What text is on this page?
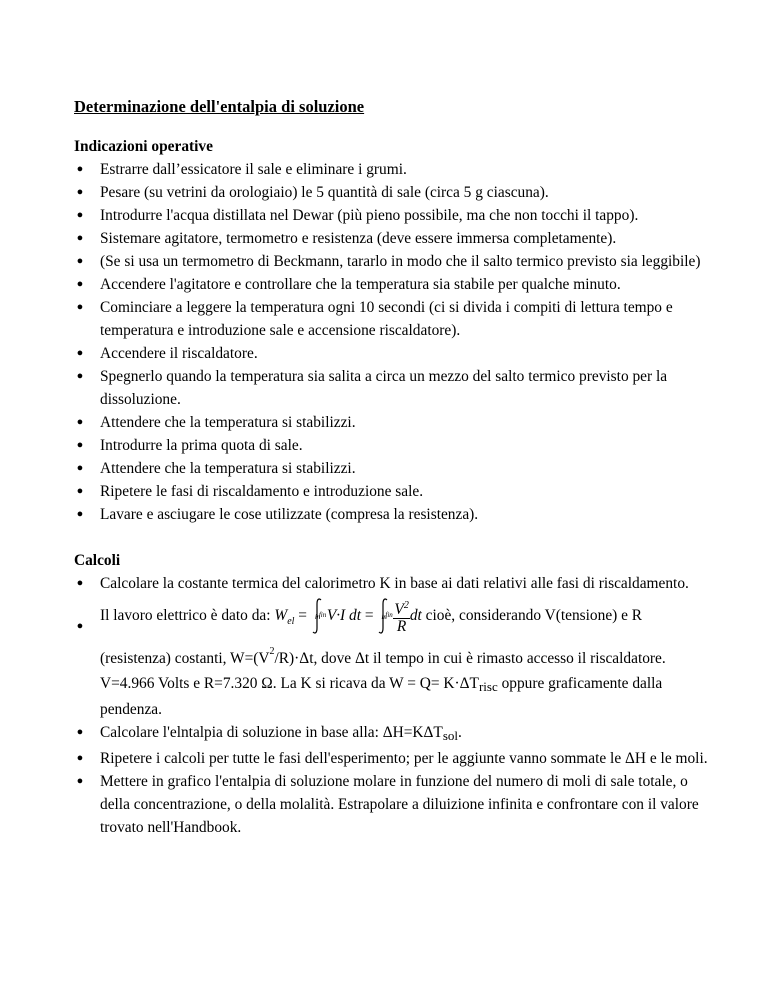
Determinazione dell'entalpia di soluzione

Indicazioni operative

● Estrarre dall’essicatore il sale e eliminare i grumi.
● Pesare (su vetrini da orologiaio) le 5 quantità di sale (circa 5 g ciascuna).
● Introdurre l'acqua distillata nel Dewar (più pieno possibile, ma che non tocchi il tappo).
● Sistemare agitatore, termometro e resistenza (deve essere immersa completamente).
● (Se si usa un termometro di Beckmann, tararlo in modo che il salto termico previsto sia leggibile)
● Accendere l'agitatore e controllare che la temperatura sia stabile per qualche minuto.
● Cominciare a leggere la temperatura ogni 10 secondi (ci si divida i compiti di lettura tempo e temperatura e introduzione sale e accensione riscaldatore).
● Accendere il riscaldatore.
● Spegnerlo quando la temperatura sia salita a circa un mezzo del salto termico previsto per la dissoluzione.
● Attendere che la temperatura si stabilizzi.
● Introdurre la prima quota di sale.
● Attendere che la temperatura si stabilizzi.
● Ripetere le fasi di riscaldamento e introduzione sale.
● Lavare e asciugare le cose utilizzate (compresa la resistenza).

Calcoli

● Calcolare la costante termica del calorimetro K in base ai dati relativi alle fasi di riscaldamento.
●
Il lavoro elettrico è dato da: $W_{el}$ = fin
in V·I dt = fin
in $\frac{V^2}{R}$ dt cioè, considerando V(tensione) e R
(resistenza) costanti, $W=(V^2/R)\cdot\Delta t$, dove Δt il tempo in cui è rimasto accesso il riscaldatore.
V=4.966 Volts e R=7.320 Ω. La K si ricava da W = Q= K·ΔTrisc oppure graficamente dalla pendenza.
● Calcolare l'elntalpia di soluzione in base alla: ΔH=KΔTsol.
● Ripetere i calcoli per tutte le fasi dell'esperimento; per le aggiunte vanno sommate le ΔH e le moli.
● Mettere in grafico l'entalpia di soluzione molare in funzione del numero di moli di sale totale, o della concentrazione, o della molalità. Estrapolare a diluizione infinita e confrontare con il valore trovato nell'Handbook.
